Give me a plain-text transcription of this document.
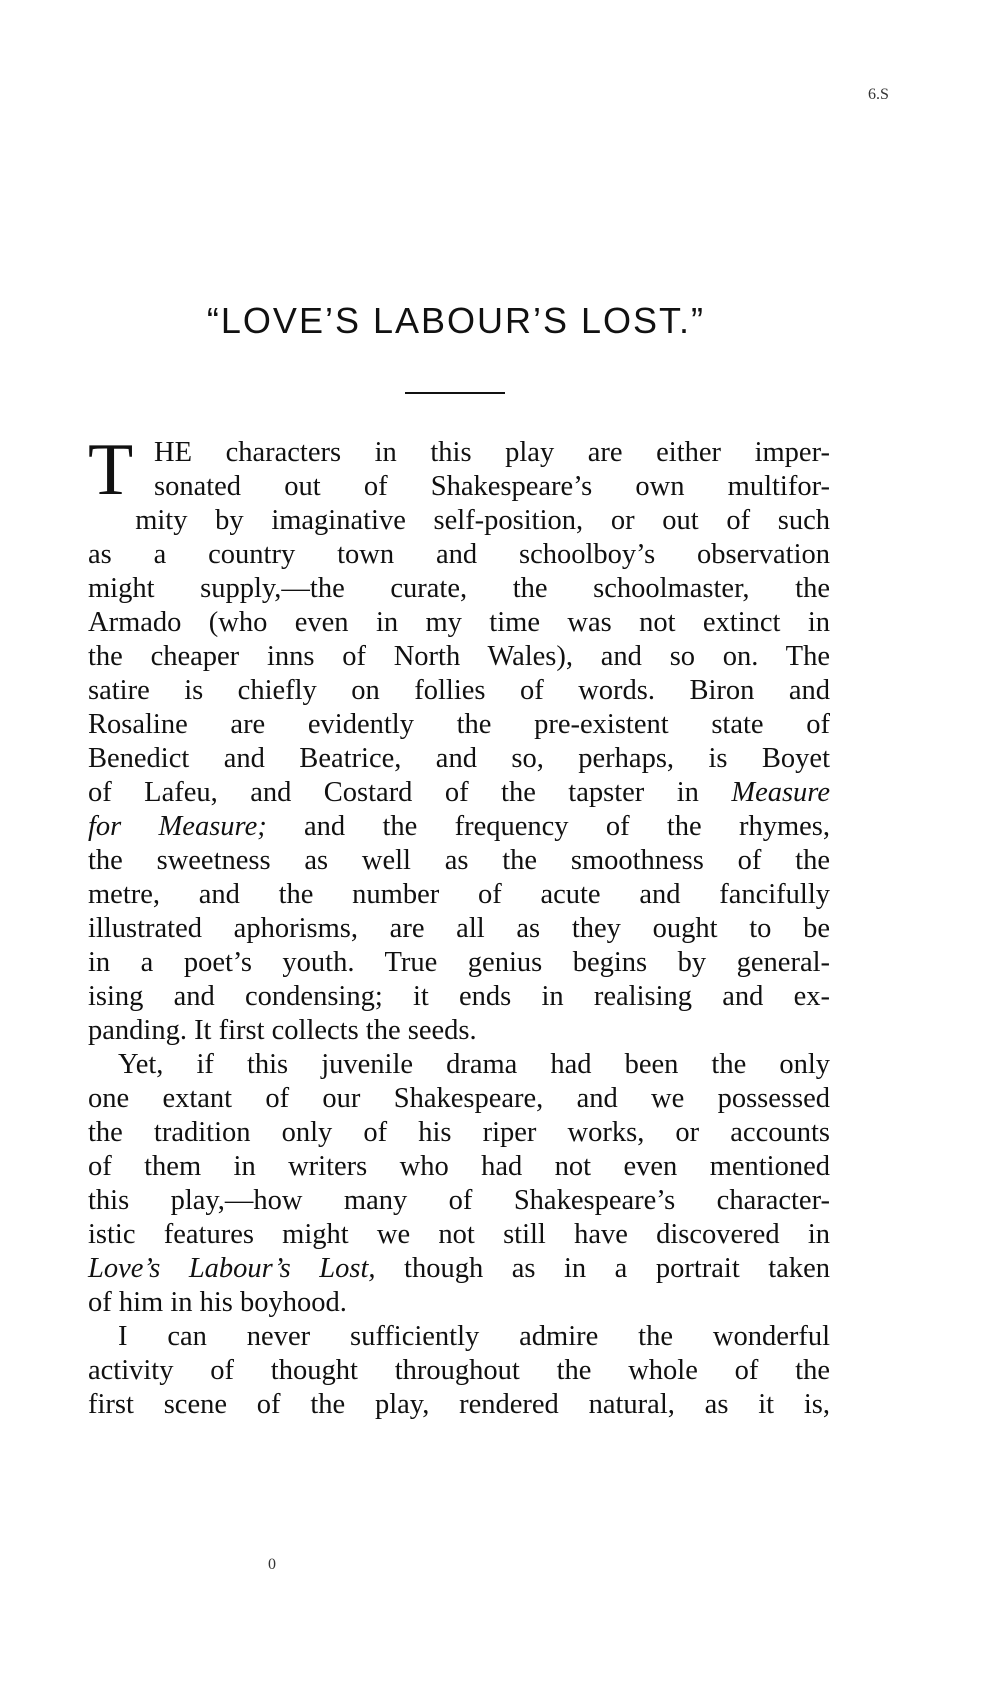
6.S
“LOVE’S LABOUR’S LOST.”
T HE characters in this play are either imper-
sonated out of Shakespeare’s own multifor-
mity by imaginative self-position, or out of such
as a country town and schoolboy’s observation
might supply,—the curate, the schoolmaster, the
Armado (who even in my time was not extinct in
the cheaper inns of North Wales), and so on. The
satire is chiefly on follies of words. Biron and
Rosaline are evidently the pre-existent state of
Benedict and Beatrice, and so, perhaps, is Boyet
of Lafeu, and Costard of the tapster in Measure
for Measure; and the frequency of the rhymes,
the sweetness as well as the smoothness of the
metre, and the number of acute and fancifully
illustrated aphorisms, are all as they ought to be
in a poet’s youth. True genius begins by general-
ising and condensing; it ends in realising and ex-
panding. It first collects the seeds.
Yet, if this juvenile drama had been the only
one extant of our Shakespeare, and we possessed
the tradition only of his riper works, or accounts
of them in writers who had not even mentioned
this play,—how many of Shakespeare’s character-
istic features might we not still have discovered in
Love’s Labour’s Lost, though as in a portrait taken
of him in his boyhood.
I can never sufficiently admire the wonderful
activity of thought throughout the whole of the
first scene of the play, rendered natural, as it is,
0
